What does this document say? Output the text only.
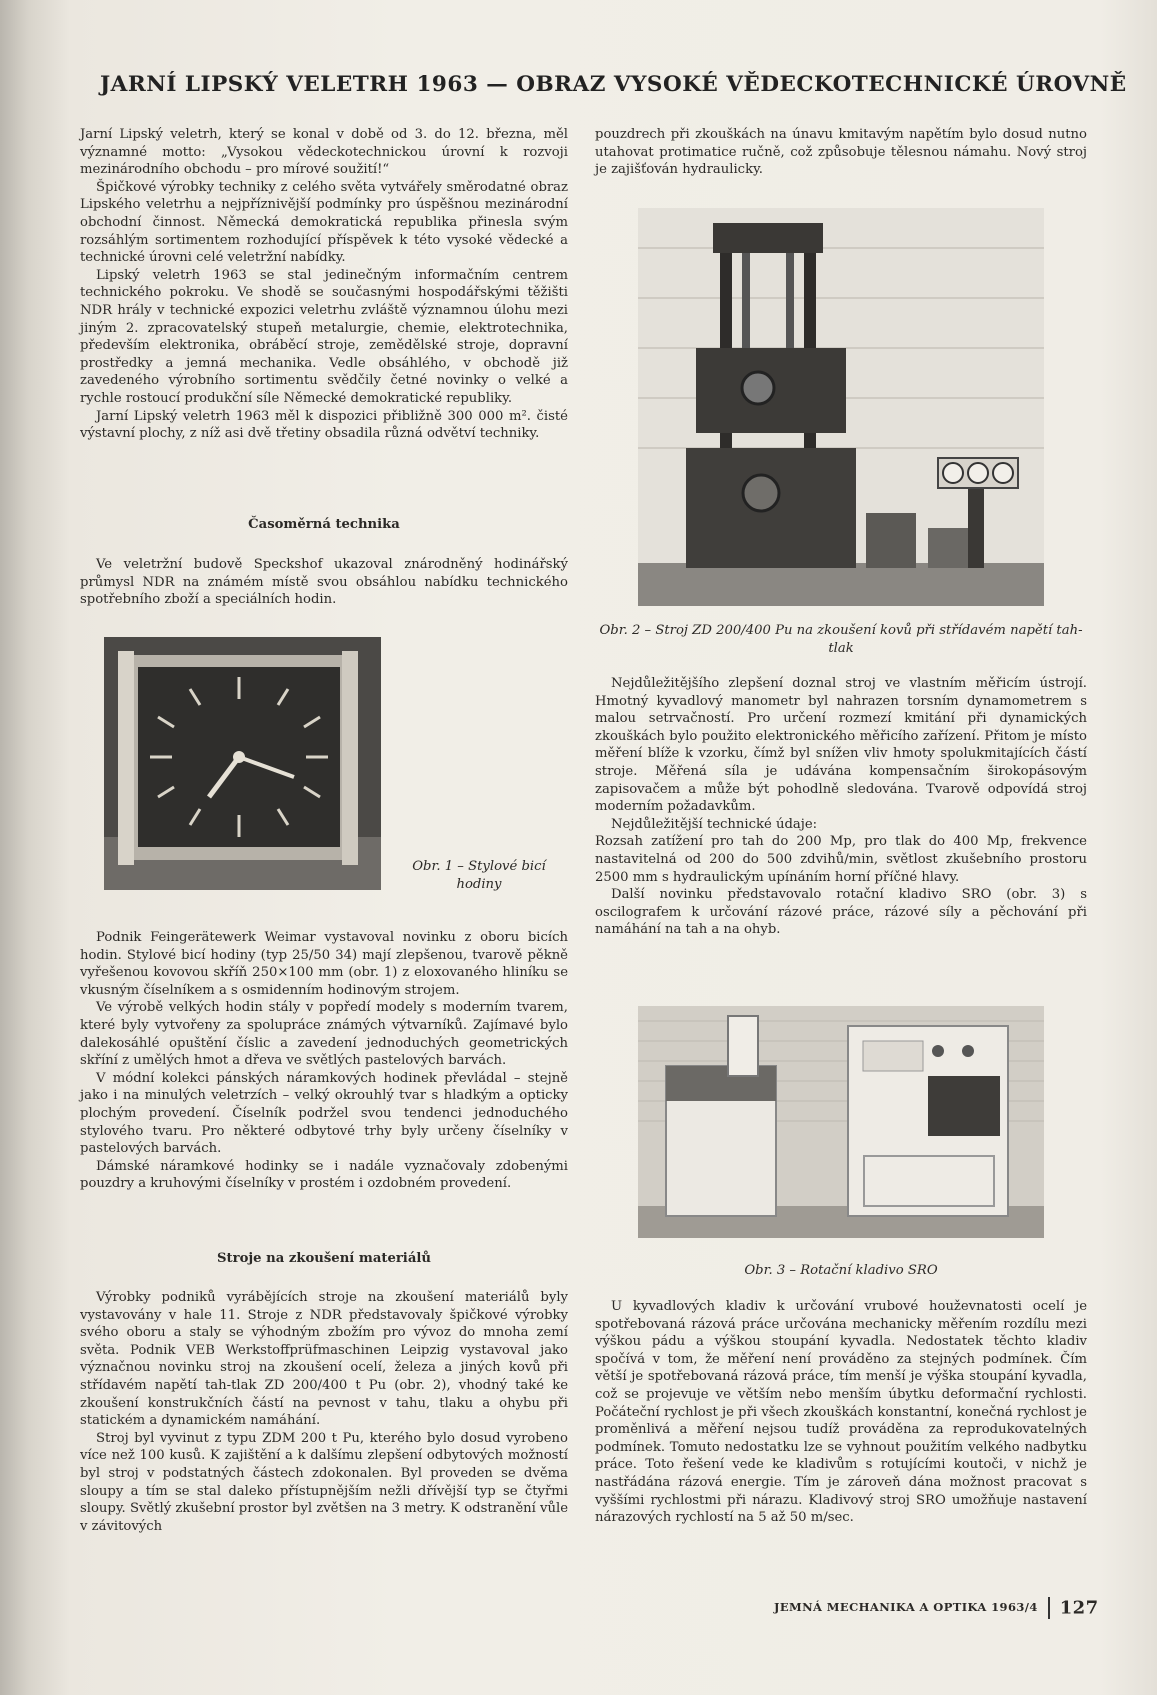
JARNÍ LIPSKÝ VELETRH 1963 — OBRAZ VYSOKÉ VĚDECKOTECHNICKÉ ÚROVNĚ

Jarní Lipský veletrh, který se konal v době od 3. do 12. března, měl významné motto: „Vysokou vědeckotechnickou úrovní k rozvoji mezinárodního obchodu – pro mírové soužití!“

Špičkové výrobky techniky z celého světa vytvářely směrodatné obraz Lipského veletrhu a nejpříznivější podmínky pro úspěšnou mezinárodní obchodní činnost. Německá demokratická republika přinesla svým rozsáhlým sortimentem rozhodující příspěvek k této vysoké vědecké a technické úrovni celé veletržní nabídky.

Lipský veletrh 1963 se stal jedinečným informačním centrem technického pokroku. Ve shodě se současnými hospodářskými těžišti NDR hrály v technické expozici veletrhu zvláště významnou úlohu mezi jiným 2. zpracovatelský stupeň metalurgie, chemie, elektrotechnika, především elektronika, obráběcí stroje, zemědělské stroje, dopravní prostředky a jemná mechanika. Vedle obsáhlého, v obchodě již zavedeného výrobního sortimentu svědčily četné novinky o velké a rychle rostoucí produkční síle Německé demokratické republiky.

Jarní Lipský veletrh 1963 měl k dispozici přibližně 300 000 m². čisté výstavní plochy, z níž asi dvě třetiny obsadila různá odvětví techniky.

Časoměrná technika

Ve veletržní budově Speckshof ukazoval znárodněný hodinářský průmysl NDR na známém místě svou obsáhlou nabídku technického spotřebního zboží a speciálních hodin.

Obr. 1 – Stylové bicí hodiny

Podnik Feingerätewerk Weimar vystavoval novinku z oboru bicích hodin. Stylové bicí hodiny (typ 25/50 34) mají zlepšenou, tvarově pěkně vyřešenou kovovou skříň 250×100 mm (obr. 1) z eloxovaného hliníku se vkusným číselníkem a s osmidenním hodinovým strojem.

Ve výrobě velkých hodin stály v popředí modely s moderním tvarem, které byly vytvořeny za spolupráce známých výtvarníků. Zajímavé bylo dalekosáhlé opuštění číslic a zavedení jednoduchých geometrických skříní z umělých hmot a dřeva ve světlých pastelových barvách.

V módní kolekci pánských náramkových hodinek převládal – stejně jako i na minulých veletrzích – velký okrouhlý tvar s hladkým a opticky plochým provedení. Číselník podržel svou tendenci jednoduchého stylového tvaru. Pro některé odbytové trhy byly určeny číselníky v pastelových barvách.

Dámské náramkové hodinky se i nadále vyznačovaly zdobenými pouzdry a kruhovými číselníky v prostém i ozdobném provedení.

Stroje na zkoušení materiálů

Výrobky podniků vyrábějících stroje na zkoušení materiálů byly vystavovány v hale 11. Stroje z NDR představovaly špičkové výrobky svého oboru a staly se výhodným zbožím pro vývoz do mnoha zemí světa. Podnik VEB Werkstoffprüfmaschinen Leipzig vystavoval jako význačnou novinku stroj na zkoušení ocelí, železa a jiných kovů při střídavém napětí tah-tlak ZD 200/400 t Pu (obr. 2), vhodný také ke zkoušení konstrukčních částí na pevnost v tahu, tlaku a ohybu při statickém a dynamickém namáhání.

Stroj byl vyvinut z typu ZDM 200 t Pu, kterého bylo dosud vyrobeno více než 100 kusů. K zajištění a k dalšímu zlepšení odbytových možností byl stroj v podstatných částech zdokonalen. Byl proveden se dvěma sloupy a tím se stal daleko přístupnějším nežli dřívější typ se čtyřmi sloupy. Světlý zkušební prostor byl zvětšen na 3 metry. K odstranění vůle v závitových

pouzdrech při zkouškách na únavu kmitavým napětím bylo dosud nutno utahovat protimatice ručně, což způsobuje tělesnou námahu. Nový stroj je zajišťován hydraulicky.

Obr. 2 – Stroj ZD 200/400 Pu na zkoušení kovů při střídavém napětí tah-tlak

Nejdůležitějšího zlepšení doznal stroj ve vlastním měřicím ústrojí. Hmotný kyvadlový manometr byl nahrazen torsním dynamometrem s malou setrvačností. Pro určení rozmezí kmitání při dynamických zkouškách bylo použito elektronického měřicího zařízení. Přitom je místo měření blíže k vzorku, čímž byl snížen vliv hmoty spolukmitajících částí stroje. Měřená síla je udávána kompensačním širokopásovým zapisovačem a může být pohodlně sledována. Tvarově odpovídá stroj moderním požadavkům.

Nejdůležitější technické údaje:

Rozsah zatížení pro tah do 200 Mp, pro tlak do 400 Mp, frekvence nastavitelná od 200 do 500 zdvihů/min, světlost zkušebního prostoru 2500 mm s hydraulickým upínáním horní příčné hlavy.

Další novinku představovalo rotační kladivo SRO (obr. 3) s oscilografem k určování rázové práce, rázové síly a pěchování při namáhání na tah a na ohyb.

Obr. 3 – Rotační kladivo SRO

U kyvadlových kladiv k určování vrubové houževnatosti ocelí je spotřebovaná rázová práce určována mechanicky měřením rozdílu mezi výškou pádu a výškou stoupání kyvadla. Nedostatek těchto kladiv spočívá v tom, že měření není prováděno za stejných podmínek. Čím větší je spotřebovaná rázová práce, tím menší je výška stoupání kyvadla, což se projevuje ve větším nebo menším úbytku deformační rychlosti. Počáteční rychlost je při všech zkouškách konstantní, konečná rychlost je proměnlivá a měření nejsou tudíž prováděna za reprodukovatelných podmínek. Tomuto nedostatku lze se vyhnout použitím velkého nadbytku práce. Toto řešení vede ke kladivům s rotujícími koutoči, v nichž je nastřádána rázová energie. Tím je zároveň dána možnost pracovat s vyššími rychlostmi při nárazu. Kladivový stroj SRO umožňuje nastavení nárazových rychlostí na 5 až 50 m/sec.

JEMNÁ MECHANIKA A OPTIKA 1963/4 127
